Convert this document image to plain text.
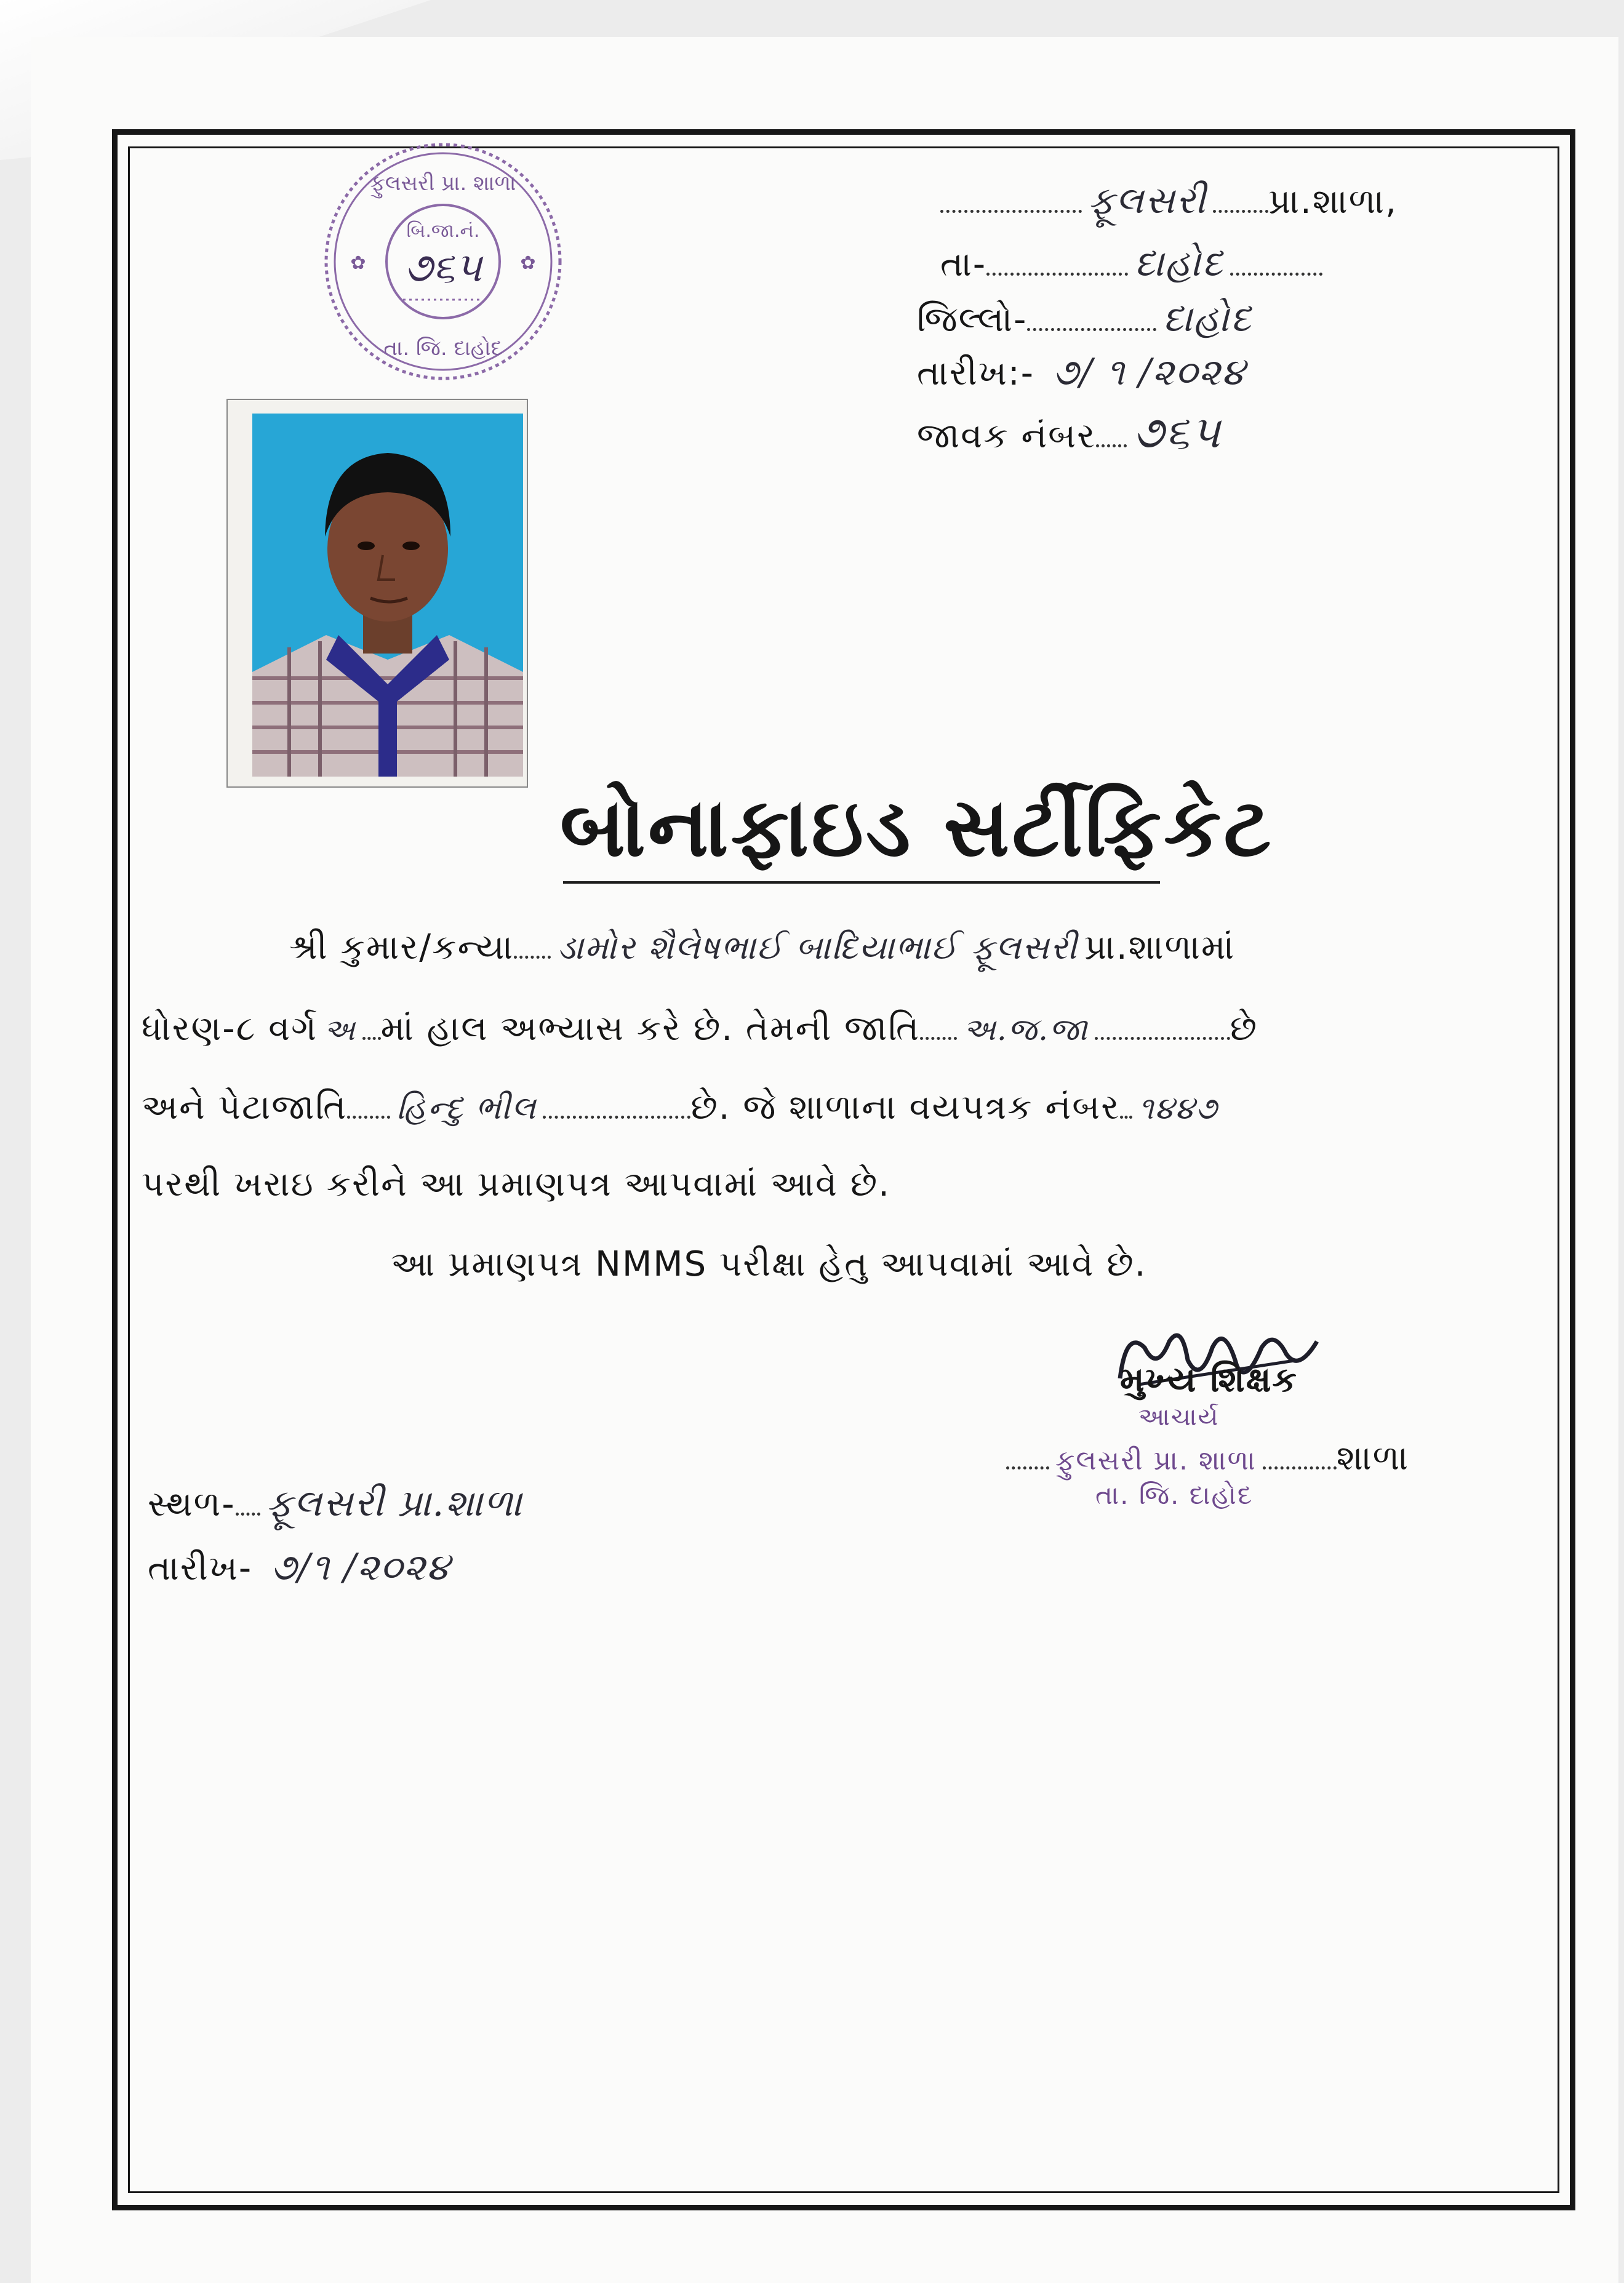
ફુલસરી પ્રા. શાળા
બિ.જા.નં.
૭૬૫
તા. જિ. દાહોદ
✿	✿
ફૂલસરી પ્રા.શાળા,
તા-	દાહોદ
જિલ્લો-	દાહોદ
તારીખ:- ૭/ ૧ /૨૦૨૪
જાવક નંબર ૭૬૫
બોનાફાઇડ સર્ટીફિકેટ
શ્રી કુમાર/કન્યા ડામોર શૈલેષભાઈ બાદિયાભાઈ ફૂલસરી પ્રા.શાળામાં
ધોરણ-૮ વર્ગ અ માં હાલ અભ્યાસ કરે છે. તેમની જાતિ અ.જ.જા	છે
અને પેટાજાતિ હિન્દુ ભીલ	છે. જે શાળાના વયપત્રક નંબર ૧૪૪૭
પરથી ખરાઇ કરીને આ પ્રમાણપત્ર આપવામાં આવે છે.
આ પ્રમાણપત્ર NMMS પરીક્ષા હેતુ આપવામાં આવે છે.
મુખ્ય શિક્ષક
આચાર્ય
ફુલસરી પ્રા. શાળા શાળા
તા. જિ. દાહોદ
સ્થળ- ફૂલસરી પ્રા.શાળા
તારીખ- ૭/૧ /૨૦૨૪
